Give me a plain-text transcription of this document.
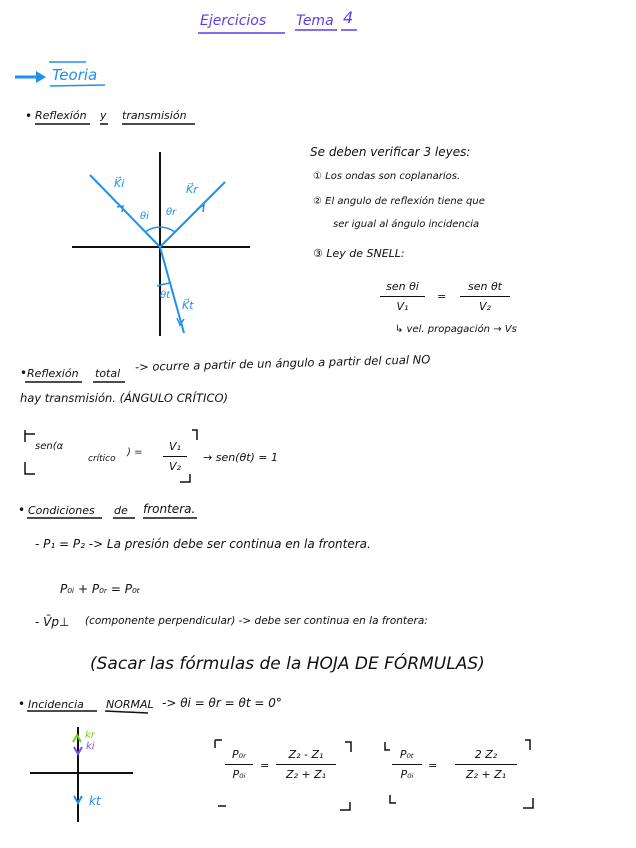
Ejercicios Tema 4
Teoria
• Reflexión y transmisión
K⃗i	K⃗r
θi θr
θt
K⃗t
Se deben verificar 3 leyes:
① Los ondas son coplanarios.
② El angulo de reflexión tiene que
ser igual al ángulo incidencia
③ Ley de SNELL:
sen θi
V₁
=
sen θt
V₂
↳ vel. propagación → Vs
• Reflexión total -> ocurre a partir de un ángulo a partir del cual NO
hay transmisión. (ÁNGULO CRÍTICO)
sen(α
crítico
) = V₁
V₂
→ sen(θt) = 1
• Condiciones de frontera.
- P₁ = P₂ -> La presión debe ser continua en la frontera.
P₀ᵢ + P₀ᵣ = P₀ₜ
- V̄p⊥ (componente perpendicular) -> debe ser continua en la frontera:
(Sacar las fórmulas de la HOJA DE FÓRMULAS)
• Incidencia NORMAL -> θi = θr = θt = 0°
kr
ki
kt
P₀ᵣ
P₀ᵢ
=
Z₂ - Z₁
Z₂ + Z₁
P₀ₜ
P₀ᵢ
=
2 Z₂
Z₂ + Z₁
